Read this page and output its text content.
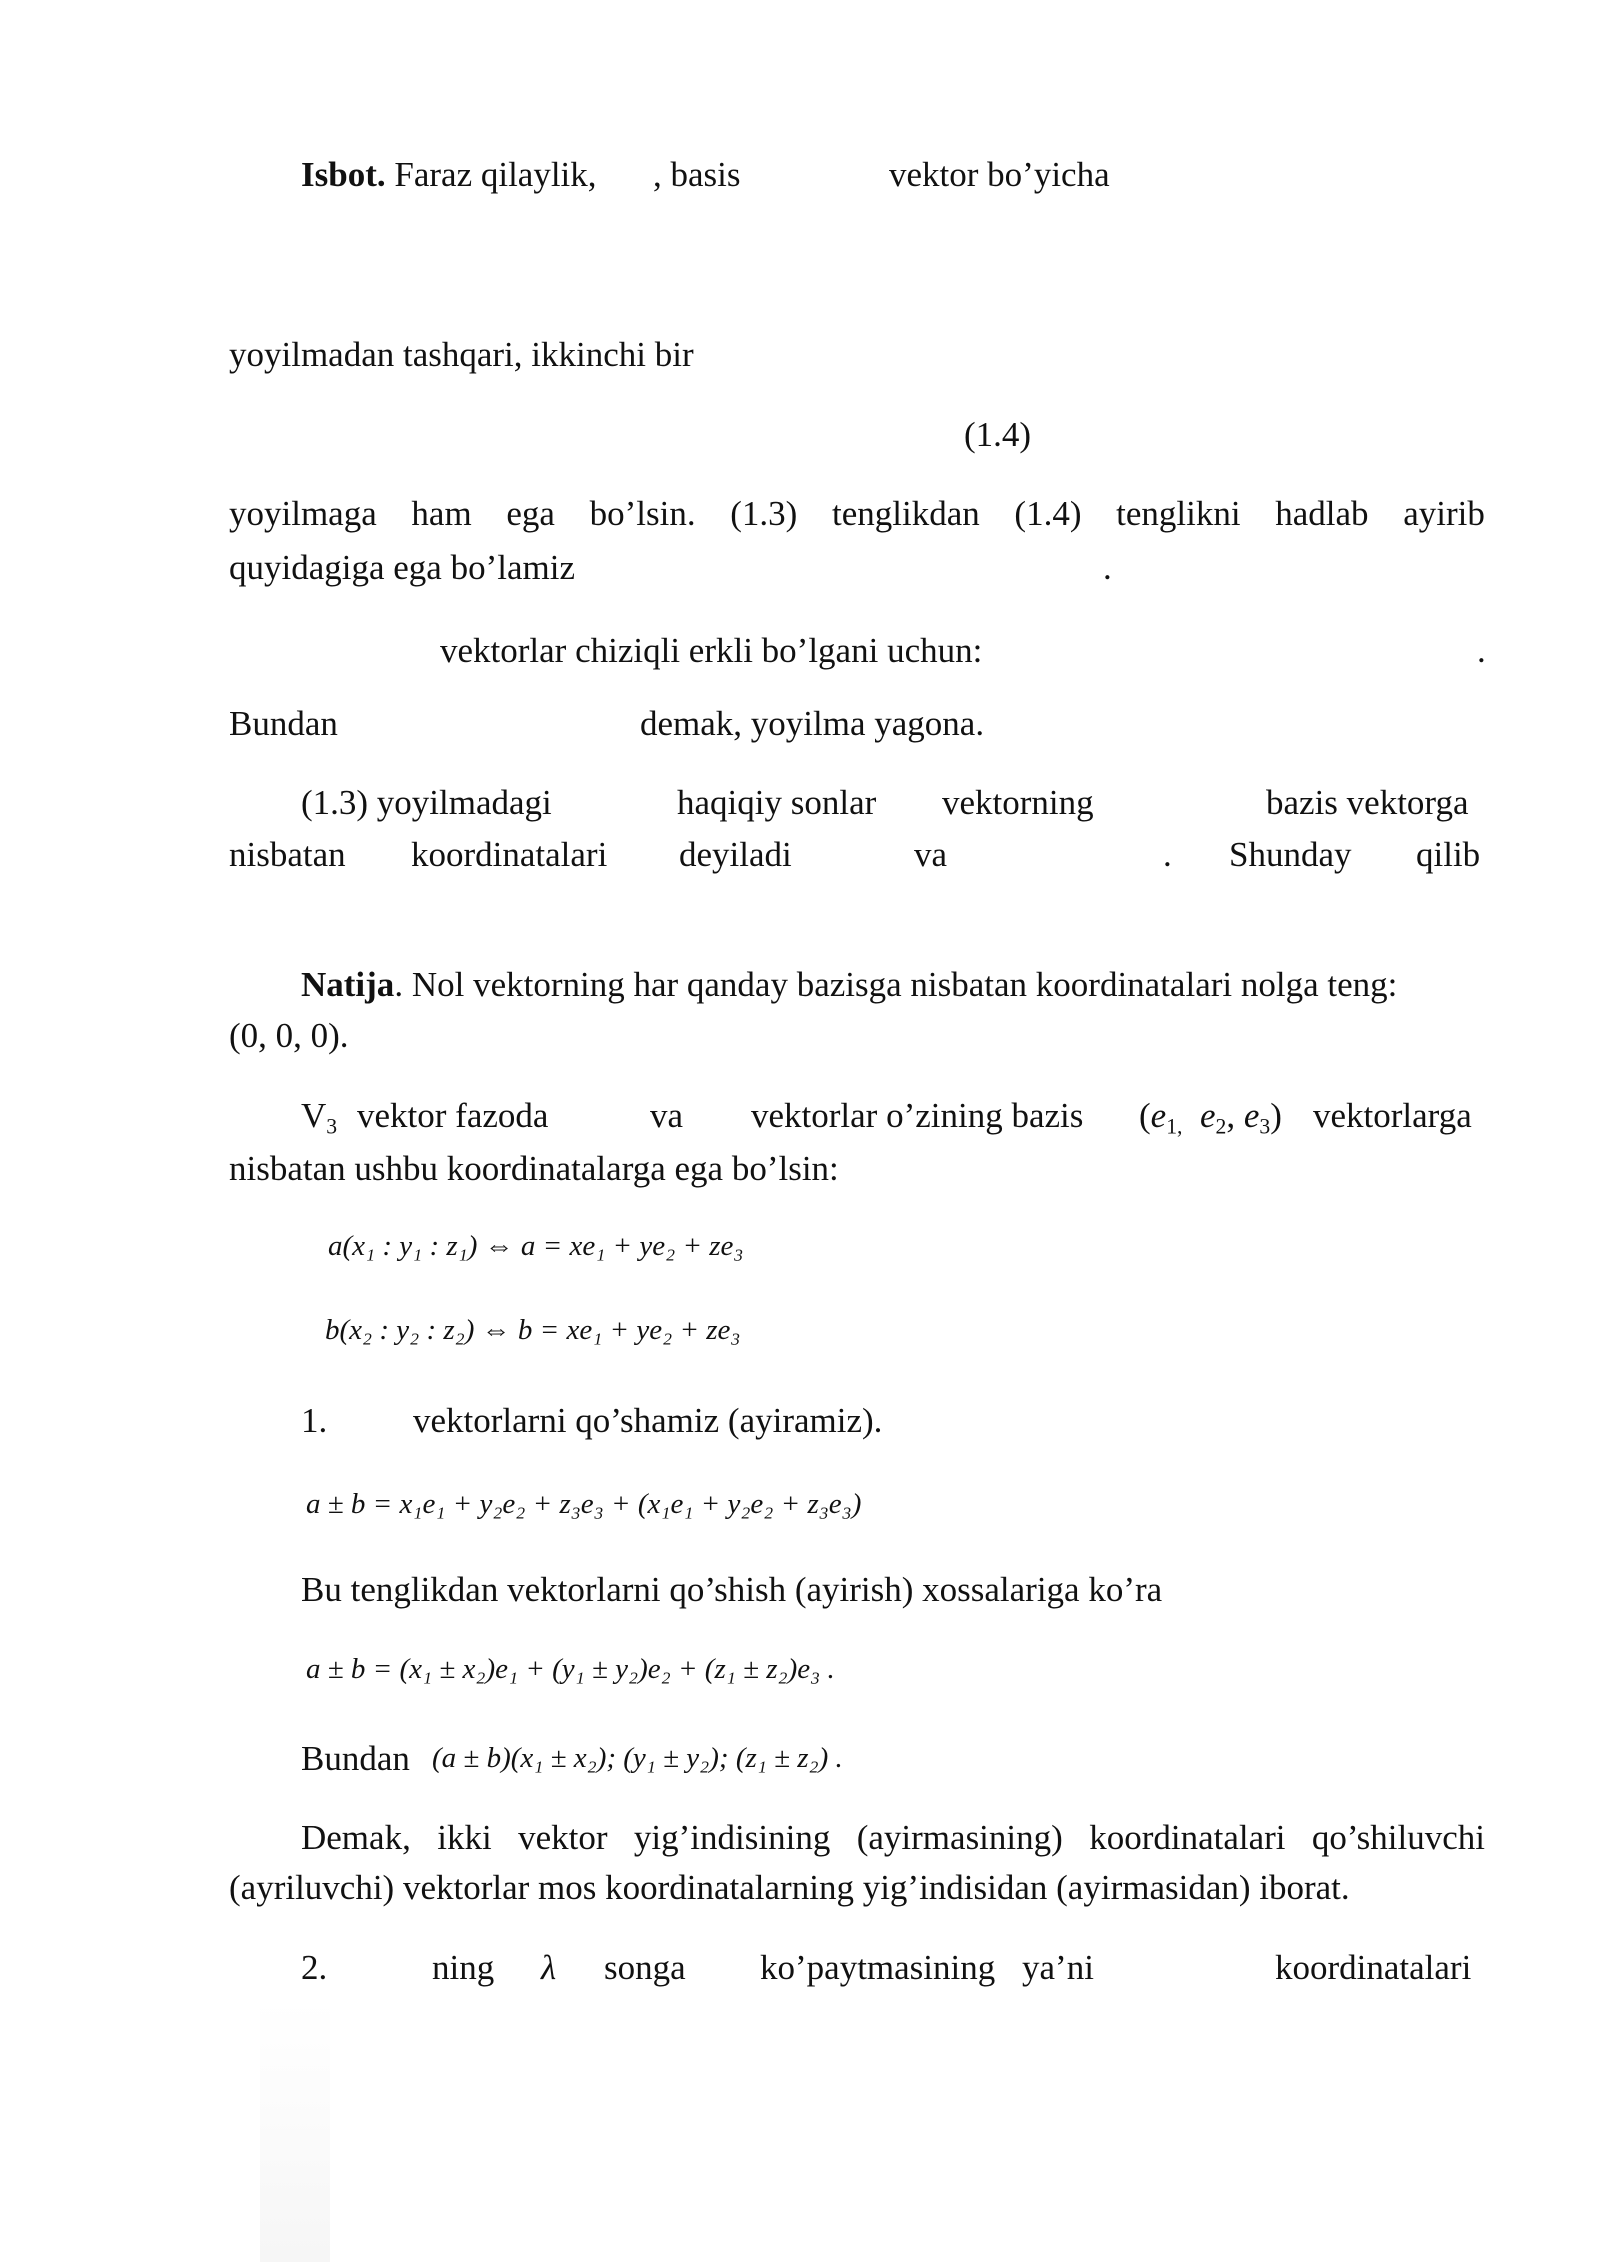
Isbot. Faraz qilaylik, , basis	vektor bo’yicha
yoyilmadan tashqari, ikkinchi bir
(1.4)
yoyilmaga ham ega bo’lsin. (1.3) tenglikdan (1.4) tenglikni hadlab ayirib
quyidagiga ega bo’lamiz	.
vektorlar chiziqli erkli bo’lgani uchun:	.
Bundan	demak, yoyilma yagona.
(1.3) yoyilmadagi	haqiqiy sonlar vektorning	bazis vektorga
nisbatan koordinatalari deyiladi	va	. Shunday qilib
Natija. Nol vektorning har qanday bazisga nisbatan koordinatalari nolga teng:
(0, 0, 0).
$V_3$ vektor fazoda	va vektorlar o’zining bazis ($e_{1,}$ $e_2$, $e_3$) vektorlarga
nisbatan ushbu koordinatalarga ega bo’lsin:
a(x₁ : y₁ : z₁) ⇔ a = xe₁ + ye₂ + ze₃
b(x₂ : y₂ : z₂) ⇔ b = xe₁ + ye₂ + ze₃
1. vektorlarni qo’shamiz (ayiramiz).
a ± b = x₁e₁ + y₂e₂ + z₃e₃ + (x₁e₁ + y₂e₂ + z₃e₃)
Bu tenglikdan vektorlarni qo’shish (ayirish) xossalariga ko’ra
a ± b = (x₁ ± x₂)e₁ + (y₁ ± y₂)e₂ + (z₁ ± z₂)e₃ .
Bundan (a ± b)(x₁ ± x₂); (y₁ ± y₂); (z₁ ± z₂) .
Demak, ikki vektor yig’indisining (ayirmasining) koordinatalari qo’shiluvchi
(ayriluvchi) vektorlar mos koordinatalarning yig’indisidan (ayirmasidan) iborat.
2.	ning λ songa ko’paytmasining ya’ni	koordinatalari
